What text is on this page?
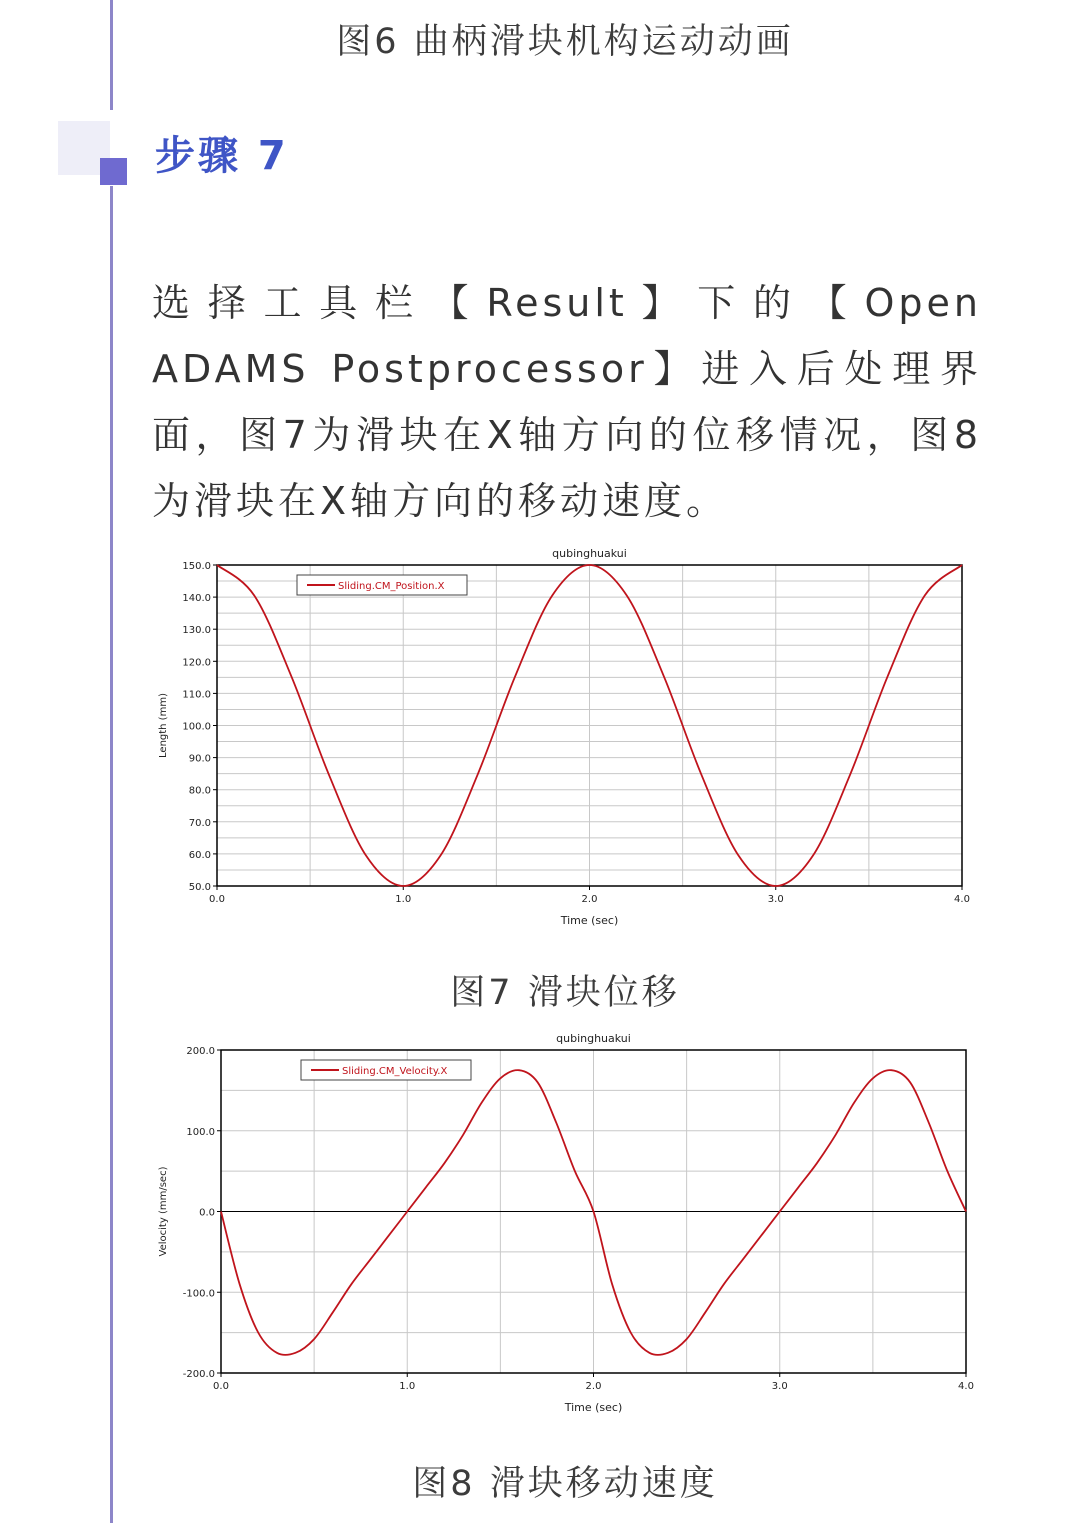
图6 曲柄滑块机构运动动画
步骤 7
选择工具栏【Result】下的【Open ADAMS Postprocessor】进入后处理界面，图7为滑块在X轴方向的位移情况，图8为滑块在X轴方向的移动速度。
0.0	1.0	2.0	3.0	4.0
50.0
60.0
70.0
80.0
90.0
100.0
110.0
120.0
130.0
140.0
150.0
qubinghuakui
Time (sec)
Length (mm)
Sliding.CM_Position.X
图7 滑块位移
0.0	1.0	2.0	3.0	4.0
-200.0
-100.0
0.0
100.0
200.0
qubinghuakui
Time (sec)
Velocity (mm/sec)
Sliding.CM_Velocity.X
图8 滑块移动速度
